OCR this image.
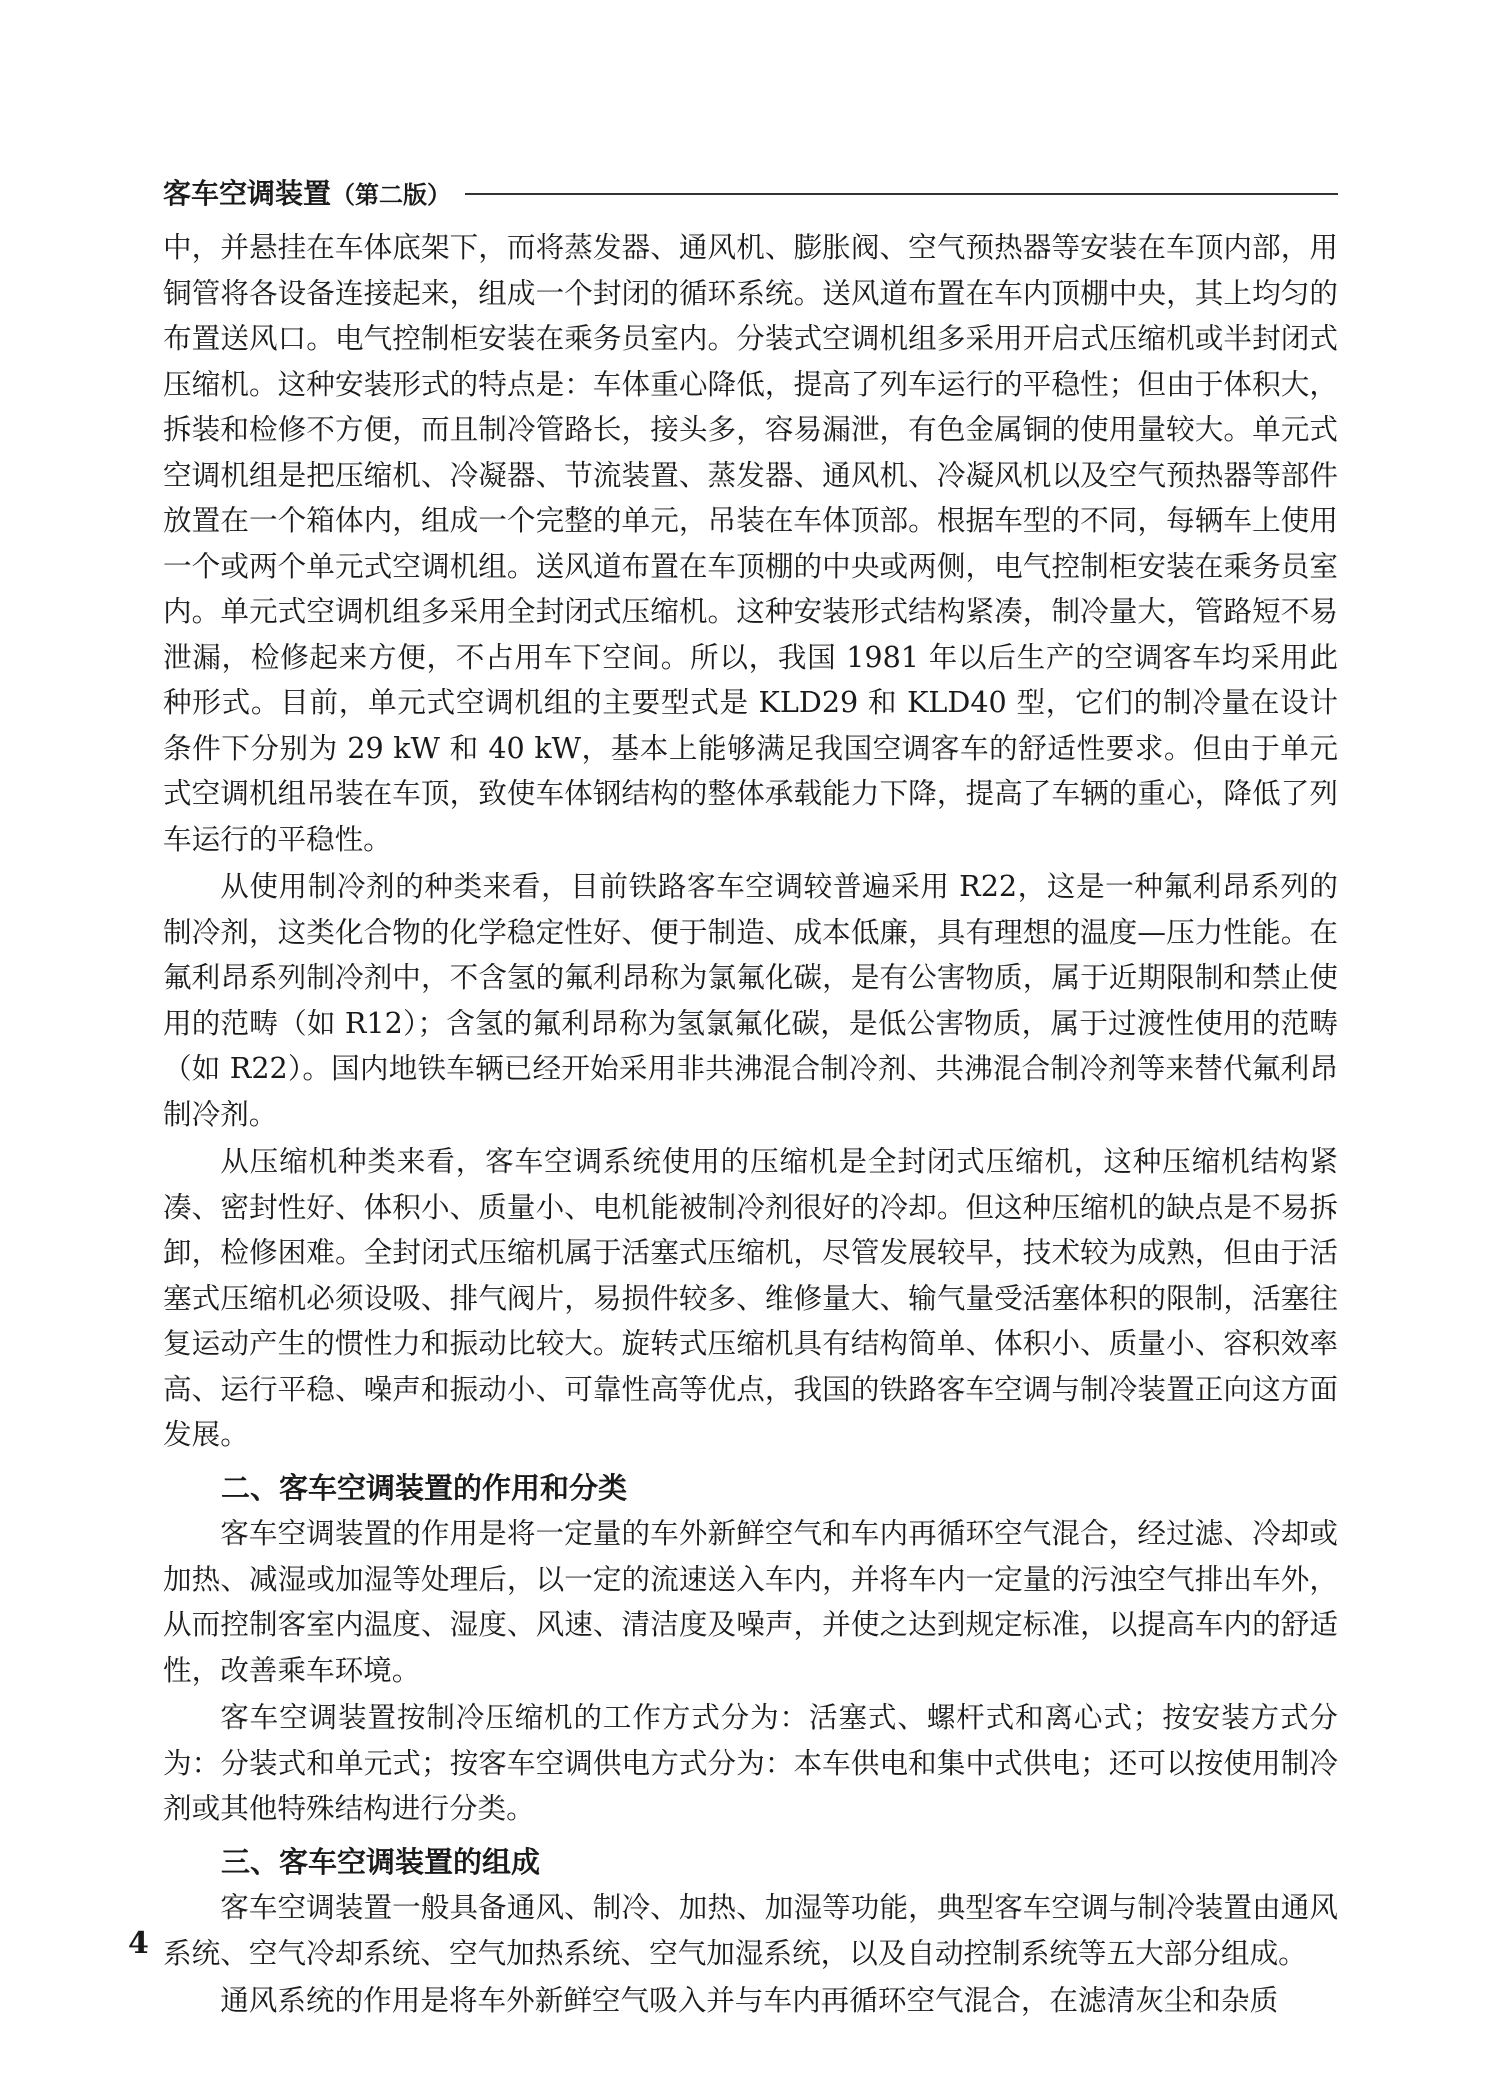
客车空调装置 （第二版）

中，并悬挂在车体底架下，而将蒸发器、通风机、膨胀阀、空气预热器等安装在车顶内部，用铜管将各设备连接起来，组成一个封闭的循环系统。送风道布置在车内顶棚中央，其上均匀的布置送风口。电气控制柜安装在乘务员室内。分装式空调机组多采用开启式压缩机或半封闭式压缩机。这种安装形式的特点是：车体重心降低，提高了列车运行的平稳性；但由于体积大，拆装和检修不方便，而且制冷管路长，接头多，容易漏泄，有色金属铜的使用量较大。单元式空调机组是把压缩机、冷凝器、节流装置、蒸发器、通风机、冷凝风机以及空气预热器等部件放置在一个箱体内，组成一个完整的单元，吊装在车体顶部。根据车型的不同，每辆车上使用一个或两个单元式空调机组。送风道布置在车顶棚的中央或两侧，电气控制柜安装在乘务员室内。单元式空调机组多采用全封闭式压缩机。这种安装形式结构紧凑，制冷量大，管路短不易泄漏，检修起来方便，不占用车下空间。所以，我国 1981 年以后生产的空调客车均采用此种形式。目前，单元式空调机组的主要型式是 KLD29 和 KLD40 型，它们的制冷量在设计条件下分别为 29 kW 和 40 kW，基本上能够满足我国空调客车的舒适性要求。但由于单元式空调机组吊装在车顶，致使车体钢结构的整体承载能力下降，提高了车辆的重心，降低了列车运行的平稳性。

从使用制冷剂的种类来看，目前铁路客车空调较普遍采用 R22，这是一种氟利昂系列的制冷剂，这类化合物的化学稳定性好、便于制造、成本低廉，具有理想的温度—压力性能。在氟利昂系列制冷剂中，不含氢的氟利昂称为氯氟化碳，是有公害物质，属于近期限制和禁止使用的范畴（如 R12）；含氢的氟利昂称为氢氯氟化碳，是低公害物质，属于过渡性使用的范畴（如 R22）。国内地铁车辆已经开始采用非共沸混合制冷剂、共沸混合制冷剂等来替代氟利昂制冷剂。

从压缩机种类来看，客车空调系统使用的压缩机是全封闭式压缩机，这种压缩机结构紧凑、密封性好、体积小、质量小、电机能被制冷剂很好的冷却。但这种压缩机的缺点是不易拆卸，检修困难。全封闭式压缩机属于活塞式压缩机，尽管发展较早，技术较为成熟，但由于活塞式压缩机必须设吸、排气阀片，易损件较多、维修量大、输气量受活塞体积的限制，活塞往复运动产生的惯性力和振动比较大。旋转式压缩机具有结构简单、体积小、质量小、容积效率高、运行平稳、噪声和振动小、可靠性高等优点，我国的铁路客车空调与制冷装置正向这方面发展。

二、客车空调装置的作用和分类

客车空调装置的作用是将一定量的车外新鲜空气和车内再循环空气混合，经过滤、冷却或加热、减湿或加湿等处理后，以一定的流速送入车内，并将车内一定量的污浊空气排出车外，从而控制客室内温度、湿度、风速、清洁度及噪声，并使之达到规定标准，以提高车内的舒适性，改善乘车环境。

客车空调装置按制冷压缩机的工作方式分为：活塞式、螺杆式和离心式；按安装方式分为：分装式和单元式；按客车空调供电方式分为：本车供电和集中式供电；还可以按使用制冷剂或其他特殊结构进行分类。

三、客车空调装置的组成

客车空调装置一般具备通风、制冷、加热、加湿等功能，典型客车空调与制冷装置由通风系统、空气冷却系统、空气加热系统、空气加湿系统，以及自动控制系统等五大部分组成。

通风系统的作用是将车外新鲜空气吸入并与车内再循环空气混合，在滤清灰尘和杂质

4
